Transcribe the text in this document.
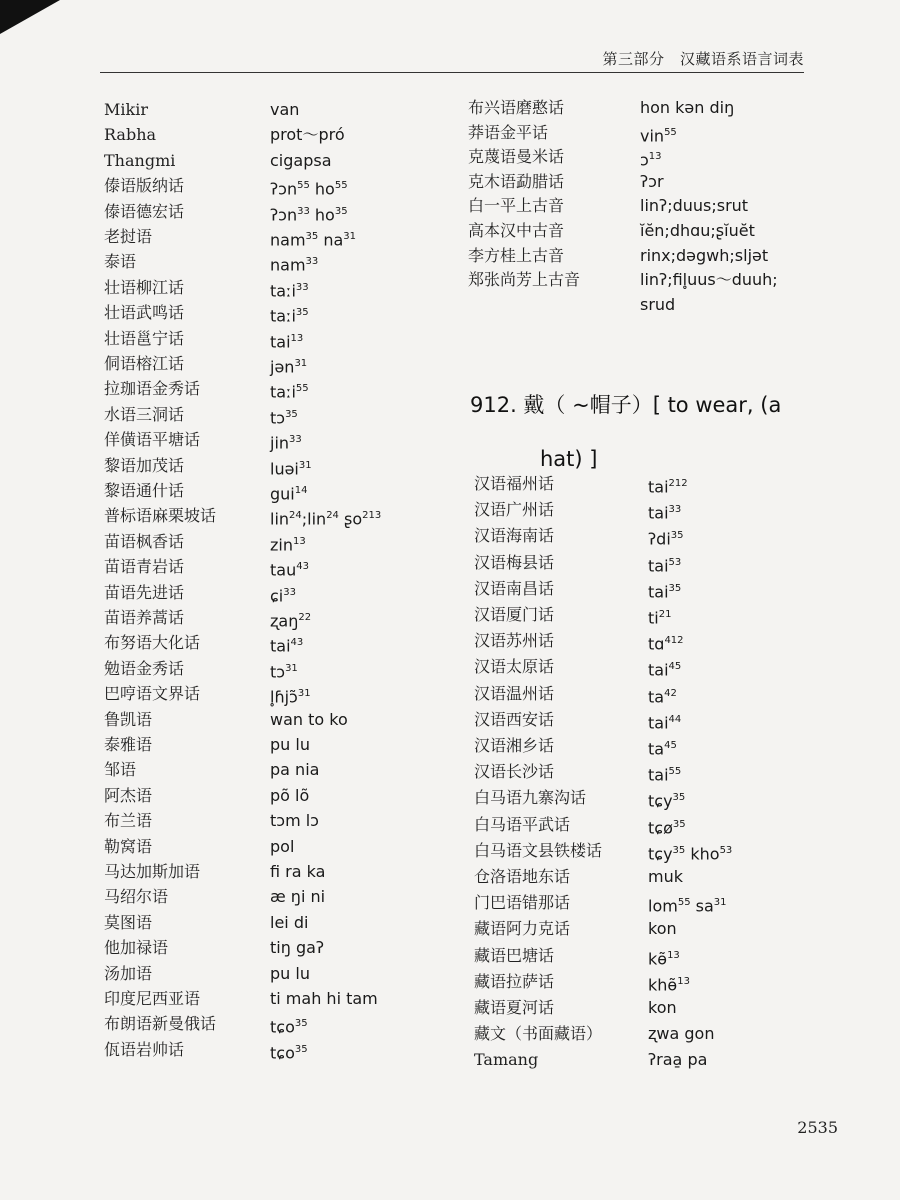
第三部分　汉藏语系语言词表
Mikir	van
Rabha	prot～pró
Thangmi	cigapsa
傣语版纳话	ʔɔn$^{55}$ $ho^{55}$
傣语德宏话	ʔɔn$^{33}$ $ho^{35}$
老挝语	nam$^{35}$ $na^{31}$
泰语	nam$^{33}$
壮语柳江话	taːi$^{33}$
壮语武鸣话	taːi$^{35}$
壮语邕宁话	tai$^{13}$
侗语榕江话	jən$^{31}$
拉珈语金秀话	taːi$^{55}$
水语三洞话	tɔ$^{35}$
佯僙语平塘话	jin$^{33}$
黎语加茂话	luəi$^{31}$
黎语通什话	gui$^{14}$
普标语麻栗坡话	lin$^{24}$;lin$^{24}$ ʂo$^{213}$
苗语枫香话	zin$^{13}$
苗语青岩话	tau$^{43}$
苗语先进话	ɕi$^{33}$
苗语养蒿话	ʐaŋ$^{22}$
布努语大化话	tai$^{43}$
勉语金秀话	tɔ$^{31}$
巴哼语文界话	l̥ɦjɔ̃$^{31}$
鲁凯语	wan to ko
泰雅语	pu lu
邹语	pa nia
阿杰语	põ lõ
布兰语	tɔm lɔ
勒窝语	pol
马达加斯加语	fi ra ka
马绍尔语	æ ŋi ni
莫图语	lei di
他加禄语	tiŋ gaʔ
汤加语	pu lu
印度尼西亚语	ti mah hi tam
布朗语新曼俄话	tɕo$^{35}$
佤语岩帅话	tɕo$^{35}$
布兴语磨憨话	hon kən diŋ
莽语金平话	vin$^{55}$
克蔑语曼米话	ɔ$^{13}$
克木语勐腊话	ʔɔr
白一平上古音	linʔ;duus;srut
高本汉中古音	ĭĕn;dhɑu;ʂĭuĕt
李方桂上古音	rinx;dəgwh;sljət
郑张尚芳上古音	linʔ;fil̥uus～duuh;
srud
912. 戴（ ~帽子）[ to wear, (a
hat) ]
汉语福州话	tai$^{212}$
汉语广州话	tai$^{33}$
汉语海南话	ʔdi$^{35}$
汉语梅县话	tai$^{53}$
汉语南昌话	tai$^{35}$
汉语厦门话	$ti^{21}$
汉语苏州话	tɑ$^{412}$
汉语太原话	tai$^{45}$
汉语温州话	$ta^{42}$
汉语西安话	tai$^{44}$
汉语湘乡话	$ta^{45}$
汉语长沙话	tai$^{55}$
白马语九寨沟话	tɕy$^{35}$
白马语平武话	tɕø$^{35}$
白马语文县铁楼话	tɕy$^{35}$ kho$^{53}$
仓洛语地东话	muk
门巴语错那话	lom$^{55}$ $sa^{31}$
藏语阿力克话	kon
藏语巴塘话	kɵ̃$^{13}$
藏语拉萨话	khɵ̃$^{13}$
藏语夏河话	kon
藏文（书面藏语）	ʐwa gon
Tamang	ʔraa̱ pa
2535
